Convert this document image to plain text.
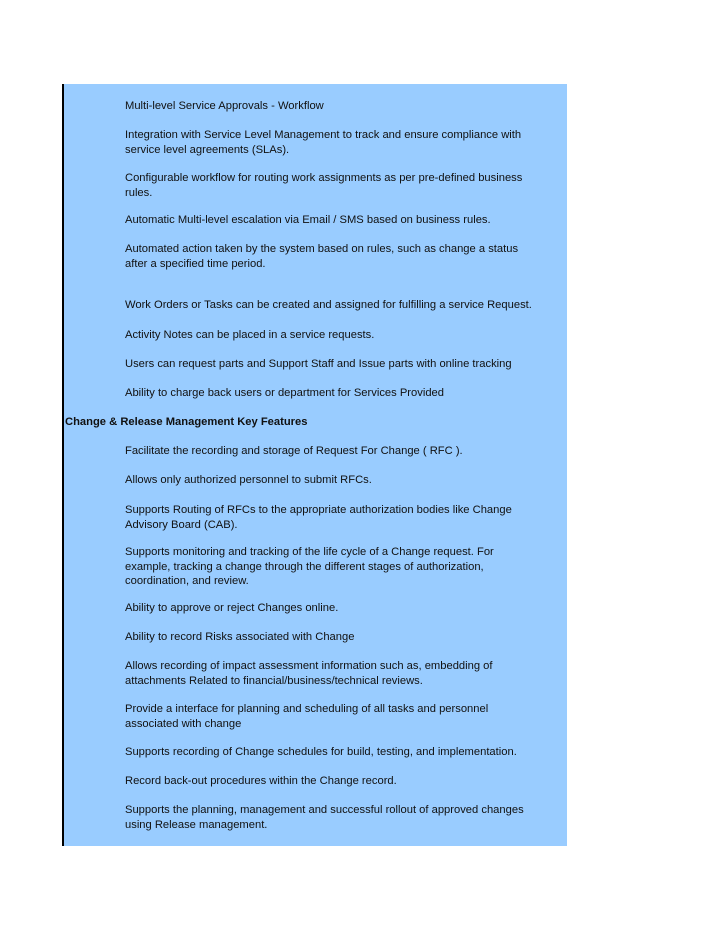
Multi-level Service Approvals - Workflow
Integration with Service Level Management to track and ensure compliance with
service level agreements (SLAs).
Configurable workflow for routing work assignments as per pre-defined business
rules.
Automatic Multi-level escalation via Email / SMS based on business rules.
Automated action taken by the system based on rules, such as change a status
after a specified time period.
Work Orders or Tasks can be created and assigned for fulfilling a service Request.
Activity Notes can be placed in a service requests.
Users can request parts and Support Staff and Issue parts with online tracking
Ability to charge back users or department for Services Provided
Change & Release Management Key Features
Facilitate the recording and storage of Request For Change ( RFC ).
Allows only authorized personnel to submit RFCs.
Supports Routing of RFCs to the appropriate authorization bodies like Change
Advisory Board (CAB).
Supports monitoring and tracking of the life cycle of a Change request. For
example, tracking a change through the different stages of authorization,
coordination, and review.
Ability to approve or reject Changes online.
Ability to record Risks associated with Change
Allows recording of impact assessment information such as, embedding of
attachments Related to financial/business/technical reviews.
Provide a interface for planning and scheduling of all tasks and personnel
associated with change
Supports recording of Change schedules for build, testing, and implementation.
Record back-out procedures within the Change record.
Supports the planning, management and successful rollout of approved changes
using Release management.
